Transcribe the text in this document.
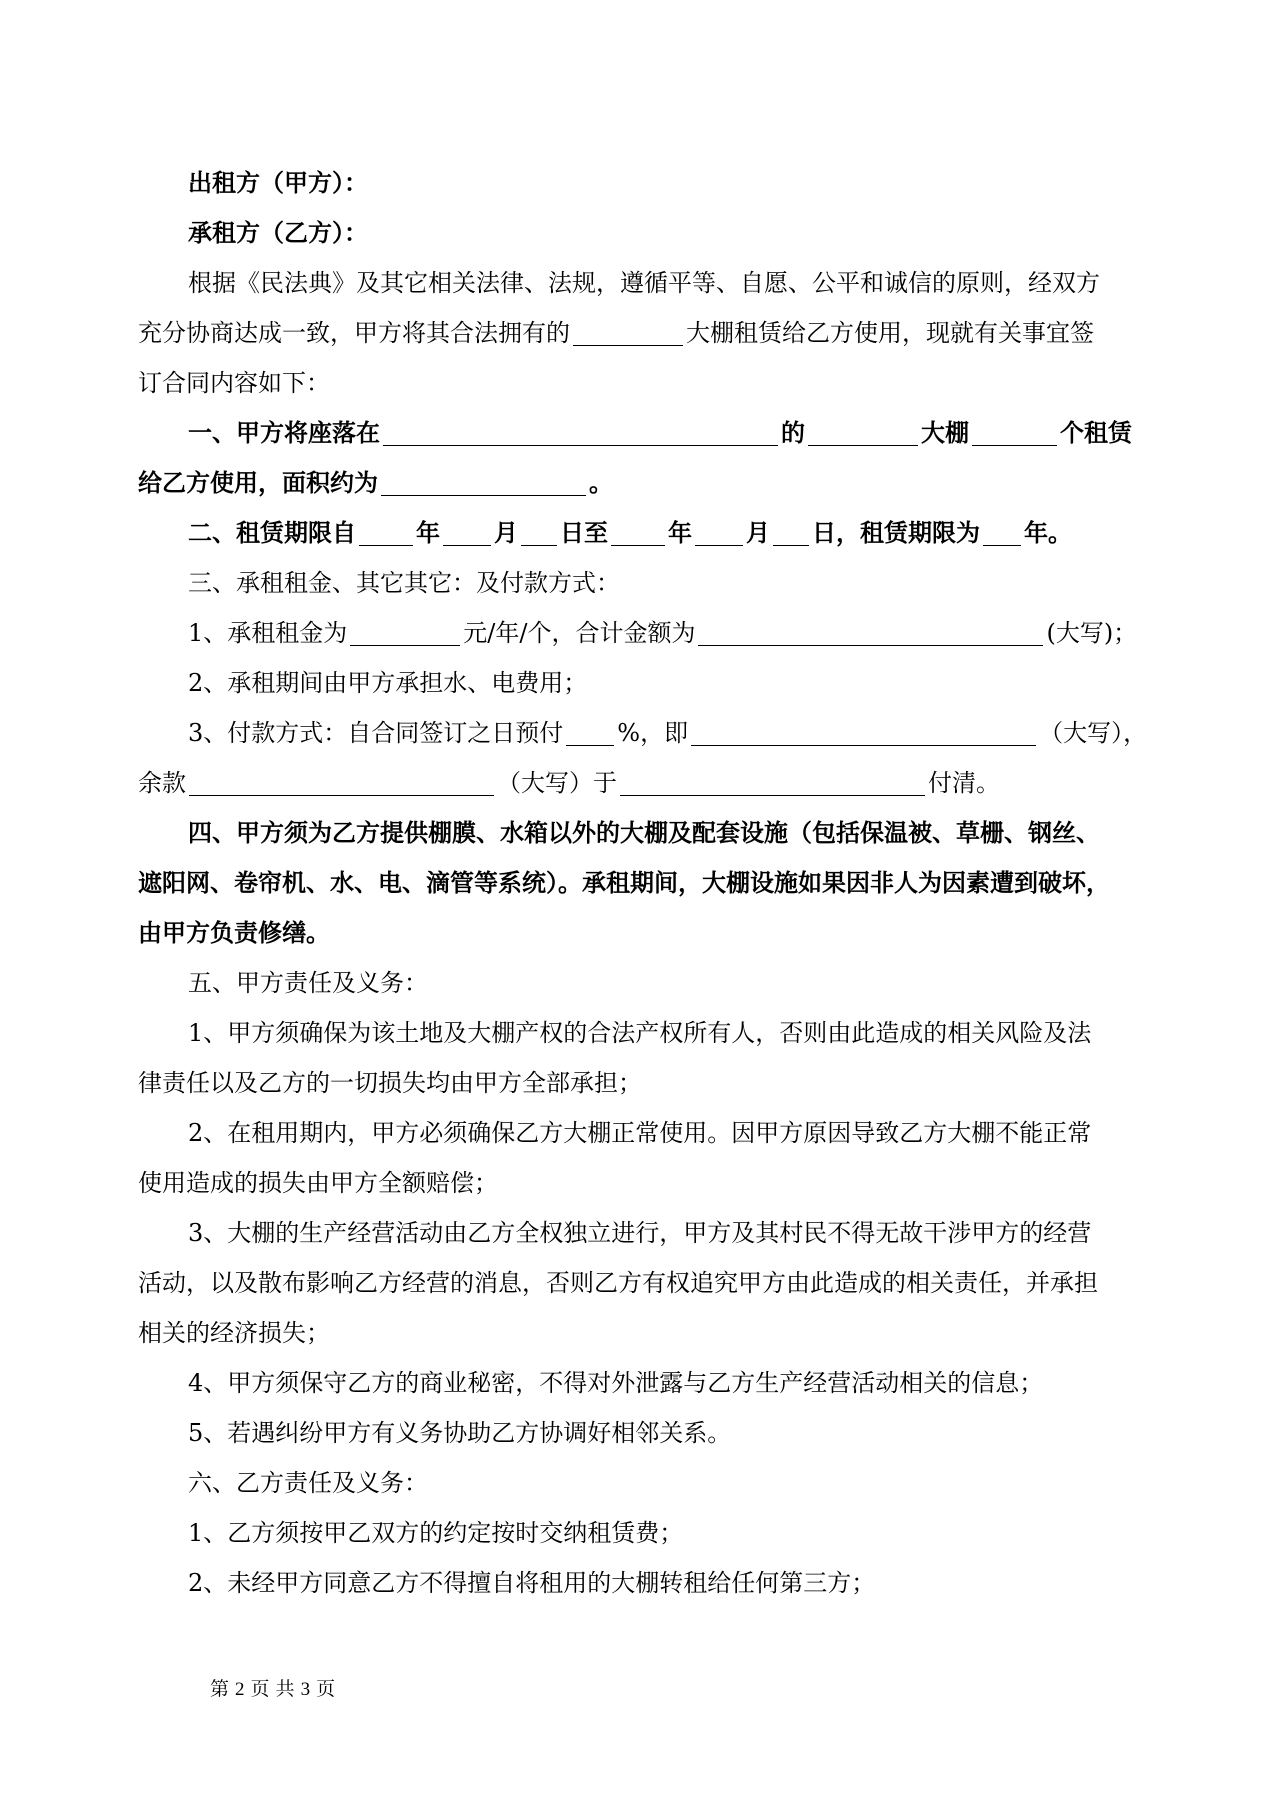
出租方（甲方）：
承租方（乙方）：
根据《民法典》及其它相关法律、法规，遵循平等、自愿、公平和诚信的原则，经双方
充分协商达成一致，甲方将其合法拥有的	大棚租赁给乙方使用，现就有关事宜签
订合同内容如下：
一、甲方将座落在	的	大棚	个租赁
给乙方使用，面积约为	。
二、租赁期限自	年 月 日至	年 月 日，租赁期限为 年。
三、承租租金、其它其它：及付款方式：
1、承租租金为	元/年/个，合计金额为	(大写)；
2、承租期间由甲方承担水、电费用；
3、付款方式：自合同签订之日预付 %，即	（大写），
余款	（大写）于	付清。
四、甲方须为乙方提供棚膜、水箱以外的大棚及配套设施（包括保温被、草栅、钢丝、
遮阳网、卷帘机、水、电、滴管等系统）。承租期间，大棚设施如果因非人为因素遭到破坏，
由甲方负责修缮。
五、甲方责任及义务：
1、甲方须确保为该土地及大棚产权的合法产权所有人，否则由此造成的相关风险及法
律责任以及乙方的一切损失均由甲方全部承担；
2、在租用期内，甲方必须确保乙方大棚正常使用。因甲方原因导致乙方大棚不能正常
使用造成的损失由甲方全额赔偿；
3、大棚的生产经营活动由乙方全权独立进行，甲方及其村民不得无故干涉甲方的经营
活动，以及散布影响乙方经营的消息，否则乙方有权追究甲方由此造成的相关责任，并承担
相关的经济损失；
4、甲方须保守乙方的商业秘密，不得对外泄露与乙方生产经营活动相关的信息；
5、若遇纠纷甲方有义务协助乙方协调好相邻关系。
六、乙方责任及义务：
1、乙方须按甲乙双方的约定按时交纳租赁费；
2、未经甲方同意乙方不得擅自将租用的大棚转租给任何第三方；
第 2 页 共 3 页
